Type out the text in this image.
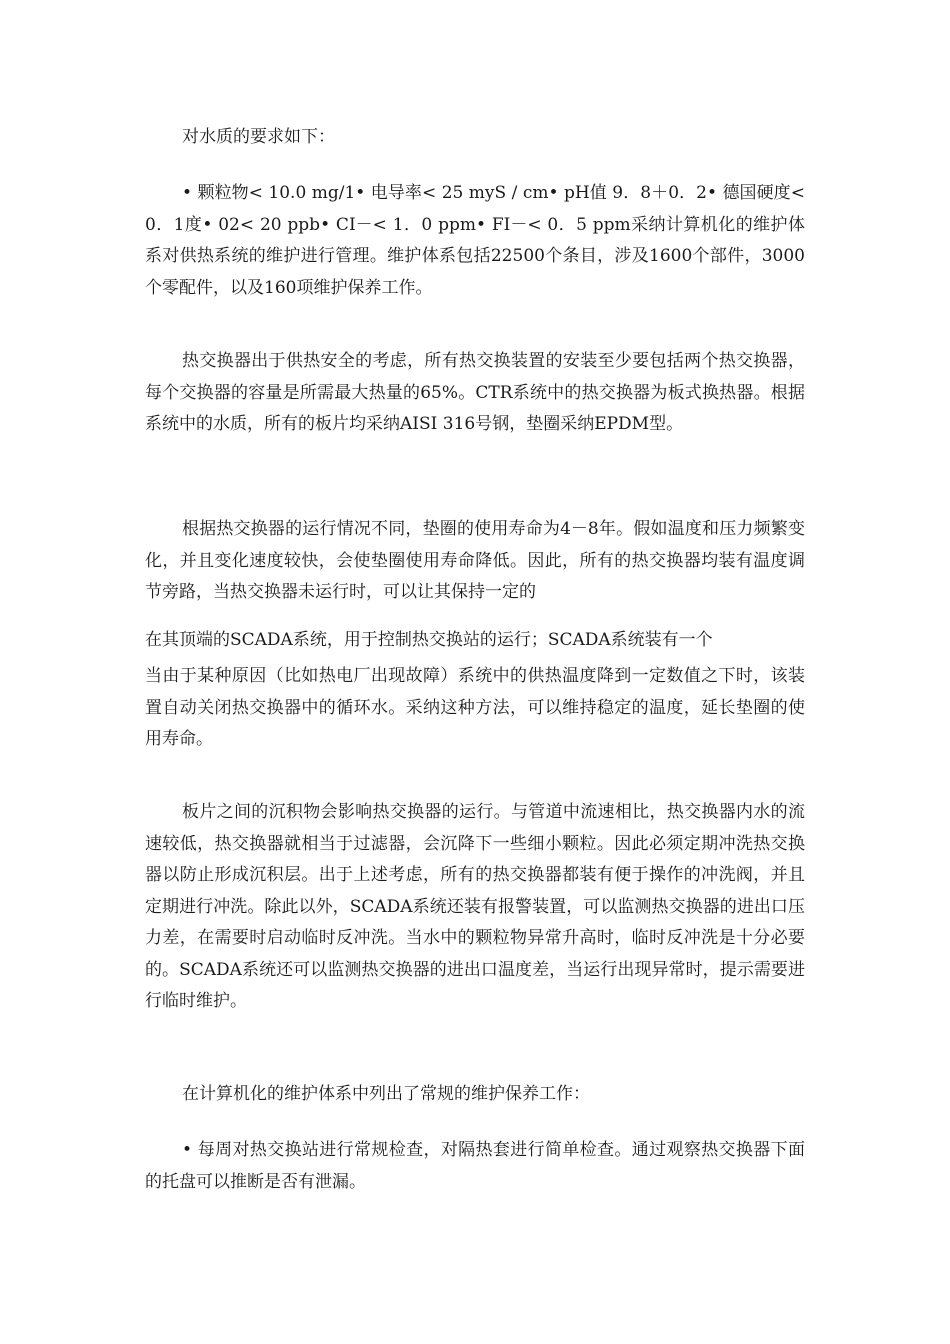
对水质的要求如下：

• 颗粒物< 10.0 mg/1• 电导率< 25 myS / cm• pH值 9．8＋0．2• 德国硬度< 0．1度• 02< 20 ppb• CI－< 1．0 ppm• FI－< 0．5 ppm采纳计算机化的维护体系对供热系统的维护进行管理。维护体系包括22500个条目，涉及1600个部件，3000个零配件，以及160项维护保养工作。

热交换器出于供热安全的考虑，所有热交换装置的安装至少要包括两个热交换器，每个交换器的容量是所需最大热量的65%。CTR系统中的热交换器为板式换热器。根据系统中的水质，所有的板片均采纳AISI 316号钢，垫圈采纳EPDM型。

根据热交换器的运行情况不同，垫圈的使用寿命为4－8年。假如温度和压力频繁变化，并且变化速度较快，会使垫圈使用寿命降低。因此，所有的热交换器均装有温度调节旁路，当热交换器未运行时，可以让其保持一定的

在其顶端的SCADA系统，用于控制热交换站的运行；SCADA系统装有一个

当由于某种原因（比如热电厂出现故障）系统中的供热温度降到一定数值之下时，该装置自动关闭热交换器中的循环水。采纳这种方法，可以维持稳定的温度，延长垫圈的使用寿命。

板片之间的沉积物会影响热交换器的运行。与管道中流速相比，热交换器内水的流速较低，热交换器就相当于过滤器，会沉降下一些细小颗粒。因此必须定期冲洗热交换器以防止形成沉积层。出于上述考虑，所有的热交换器都装有便于操作的冲洗阀，并且定期进行冲洗。除此以外，SCADA系统还装有报警装置，可以监测热交换器的进出口压力差，在需要时启动临时反冲洗。当水中的颗粒物异常升高时，临时反冲洗是十分必要的。SCADA系统还可以监测热交换器的进出口温度差，当运行出现异常时，提示需要进行临时维护。

在计算机化的维护体系中列出了常规的维护保养工作：

• 每周对热交换站进行常规检查，对隔热套进行简单检查。通过观察热交换器下面的托盘可以推断是否有泄漏。
